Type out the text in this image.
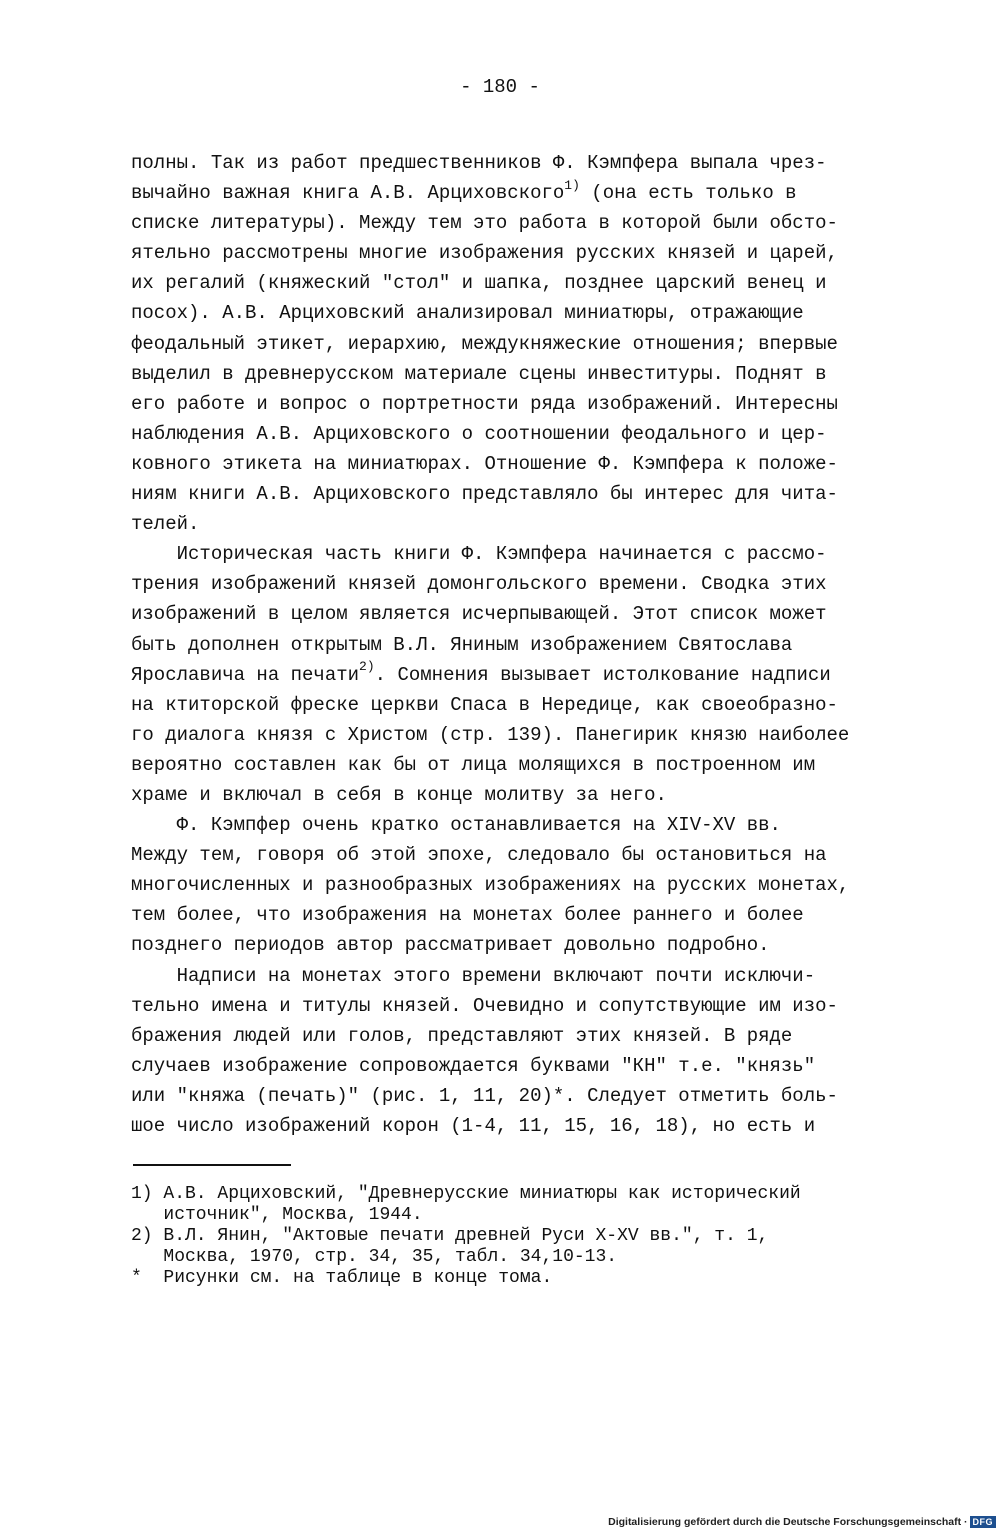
- 180 -
полны. Так из работ предшественников Ф. Кэмпфера выпала чрез-
вычайно важная книга А.В. Арциховского$^{1)}$ (она есть только в
списке литературы). Между тем это работа в которой были обсто-
ятельно рассмотрены многие изображения русских князей и царей,
их регалий (княжеский "стол" и шапка, позднее царский венец и
посох). А.В. Арциховский анализировал миниатюры, отражающие
феодальный этикет, иерархию, междукняжеские отношения; впервые
выделил в древнерусском материале сцены инвеституры. Поднят в
его работе и вопрос о портретности ряда изображений. Интересны
наблюдения А.В. Арциховского о соотношении феодального и цер-
ковного этикета на миниатюрах. Отношение Ф. Кэмпфера к положе-
ниям книги А.В. Арциховского представляло бы интерес для чита-
телей.
Историческая часть книги Ф. Кэмпфера начинается с рассмо-
трения изображений князей домонгольского времени. Сводка этих
изображений в целом является исчерпывающей. Этот список может
быть дополнен открытым В.Л. Яниным изображением Святослава
Ярославича на печати$^{2)}$. Сомнения вызывает истолкование надписи
на ктиторской фреске церкви Спаса в Нередице, как своеобразно-
го диалога князя с Христом (стр. 139). Панегирик князю наиболее
вероятно составлен как бы от лица молящихся в построенном им
храме и включал в себя в конце молитву за него.
Ф. Кэмпфер очень кратко останавливается на XIV-XV вв.
Между тем, говоря об этой эпохе, следовало бы остановиться на
многочисленных и разнообразных изображениях на русских монетах,
тем более, что изображения на монетах более раннего и более
позднего периодов автор рассматривает довольно подробно.
Надписи на монетах этого времени включают почти исключи-
тельно имена и титулы князей. Очевидно и сопутствующие им изо-
бражения людей или голов, представляют этих князей. В ряде
случаев изображение сопровождается буквами "КН" т.е. "князь"
или "княжа (печать)" (рис. 1, 11, 20)*. Следует отметить боль-
шое число изображений корон (1-4, 11, 15, 16, 18), но есть и
1) А.В. Арциховский, "Древнерусские миниатюры как исторический
источник", Москва, 1944.
2) В.Л. Янин, "Актовые печати древней Руси X-XV вв.", т. 1,
Москва, 1970, стр. 34, 35, табл. 34,10-13.
*  Рисунки см. на таблице в конце тома.
Digitalisierung gefördert durch die Deutsche Forschungsgemeinschaft · DFG
